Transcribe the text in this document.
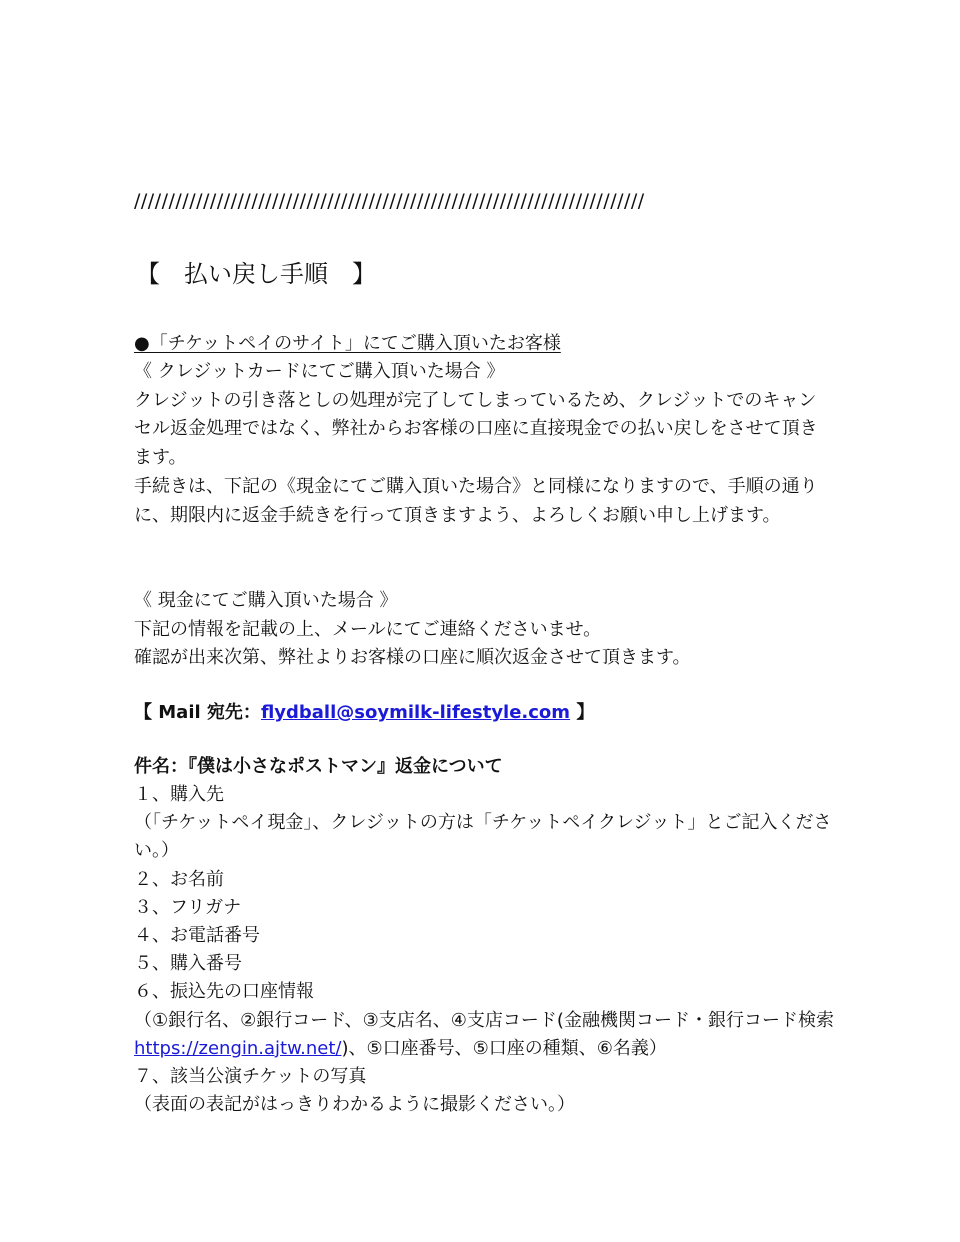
//////////////////////////////////////////////////////////////////////////
【　払い戻し手順　】
●「チケットペイのサイト」にてご購入頂いたお客様
《 クレジットカードにてご購入頂いた場合 》
クレジットの引き落としの処理が完了してしまっているため、クレジットでのキャンセル返金処理ではなく、弊社からお客様の口座に直接現金での払い戻しをさせて頂きます。
手続きは、下記の《現金にてご購入頂いた場合》と同様になりますので、手順の通りに、期限内に返金手続きを行って頂きますよう、よろしくお願い申し上げます。
《 現金にてご購入頂いた場合 》
下記の情報を記載の上、メールにてご連絡くださいませ。
確認が出来次第、弊社よりお客様の口座に順次返金させて頂きます。
【 Mail 宛先：flydball@soymilk-lifestyle.com 】
件名：『僕は小さなポストマン』返金について
１、購入先
（「チケットペイ現金」、クレジットの方は「チケットペイクレジット」とご記入ください。）
２、お名前
３、フリガナ
４、お電話番号
５、購入番号
６、振込先の口座情報
（①銀行名、②銀行コード、③支店名、④支店コード(金融機関コード・銀行コード検索 https://zengin.ajtw.net/)、⑤口座番号、⑤口座の種類、⑥名義）
７、該当公演チケットの写真
（表面の表記がはっきりわかるように撮影ください。）
